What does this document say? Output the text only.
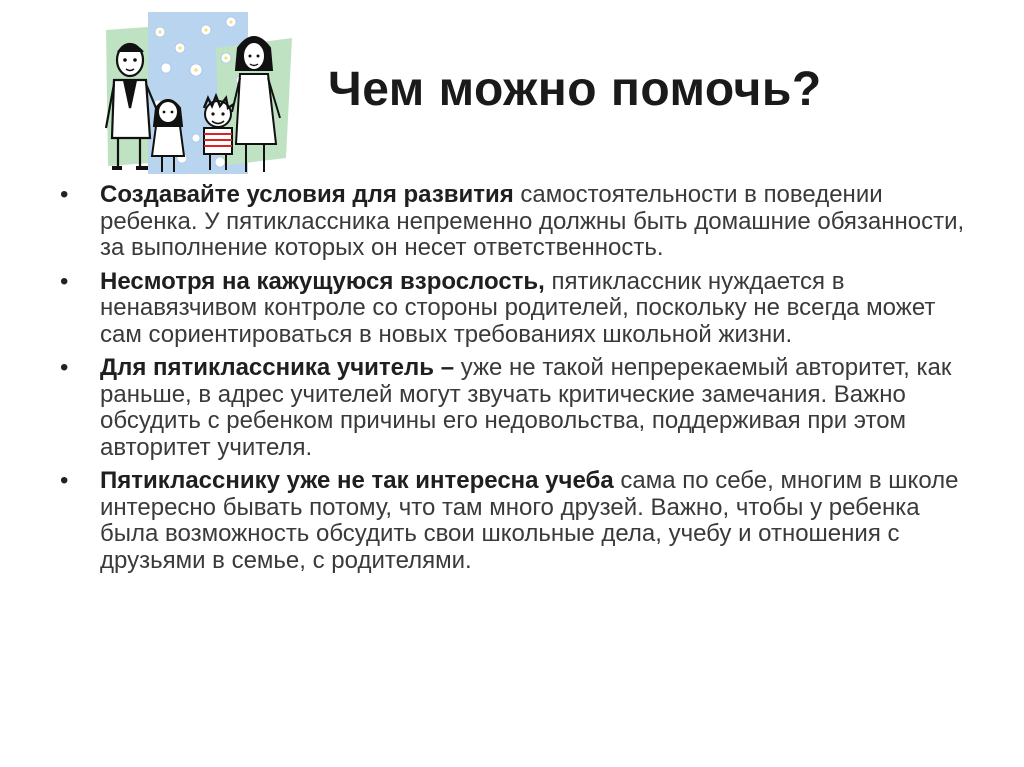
Чем можно помочь?
• Создавайте условия для развития самостоятельности в поведении ребенка. У пятиклассника непременно должны быть домашние обязанности, за выполнение которых он несет ответственность.
• Несмотря на кажущуюся взрослость, пятиклассник нуждается в ненавязчивом контроле со стороны родителей, поскольку не всегда может сам сориентироваться в новых требованиях школьной жизни.
• Для пятиклассника учитель – уже не такой непререкаемый авторитет, как раньше, в адрес учителей могут звучать критические замечания. Важно обсудить с ребенком причины его недовольства, поддерживая при этом авторитет учителя.
• Пятикласснику уже не так интересна учеба сама по себе, многим в школе интересно бывать потому, что там много друзей. Важно, чтобы у ребенка была возможность обсудить свои школьные дела, учебу и отношения с друзьями в семье, с родителями.
